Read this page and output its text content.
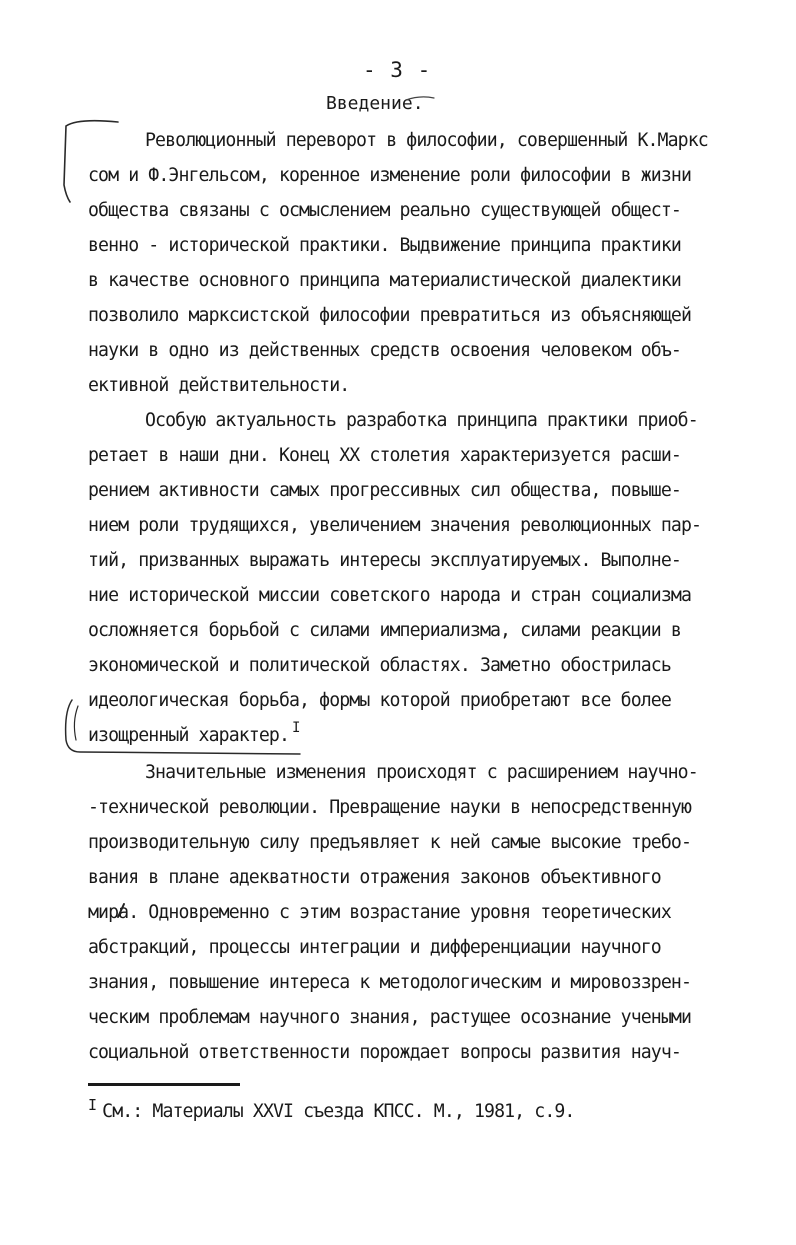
- 3 -
Введение.
Революционный переворот в философии, совершенный К.Маркс
сом и Ф.Энгельсом, коренное изменение роли философии в жизни
общества связаны с осмыслением реально существующей общест-
венно - исторической практики. Выдвижение принципа практики
в качестве основного принципа материалистической диалектики
позволило марксистской философии превратиться из объясняющей
науки в одно из действенных средств освоения человеком объ-
ективной действительности.
Особую актуальность разработка принципа практики приоб-
ретает в наши дни. Конец XX столетия характеризуется расши-
рением активности самых прогрессивных сил общества, повыше-
нием роли трудящихся, увеличением значения революционных пар-
тий, призванных выражать интересы эксплуатируемых. Выполне-
ние исторической миссии советского народа и стран социализма
осложняется борьбой с силами империализма, силами реакции в
экономической и политической областях. Заметно обострилась
идеологическая борьба, формы которой приобретают все более
изощренный характер. $^I$
Значительные изменения происходят с расширением научно-
-технической революции. Превращение науки в непосредственную
производительную силу предъявляет к ней самые высокие требо-
вания в плане адекватности отражения законов объективного
мира. Одновременно с этим возрастание уровня теоретических
абстракций, процессы интеграции и дифференциации научного
знания, повышение интереса к методологическим и мировоззрен-
ческим проблемам научного знания, растущее осознание учеными
социальной ответственности порождает вопросы развития науч-
$^I$ См.: Материалы XXVI съезда КПСС. М., 1981, с.9.
